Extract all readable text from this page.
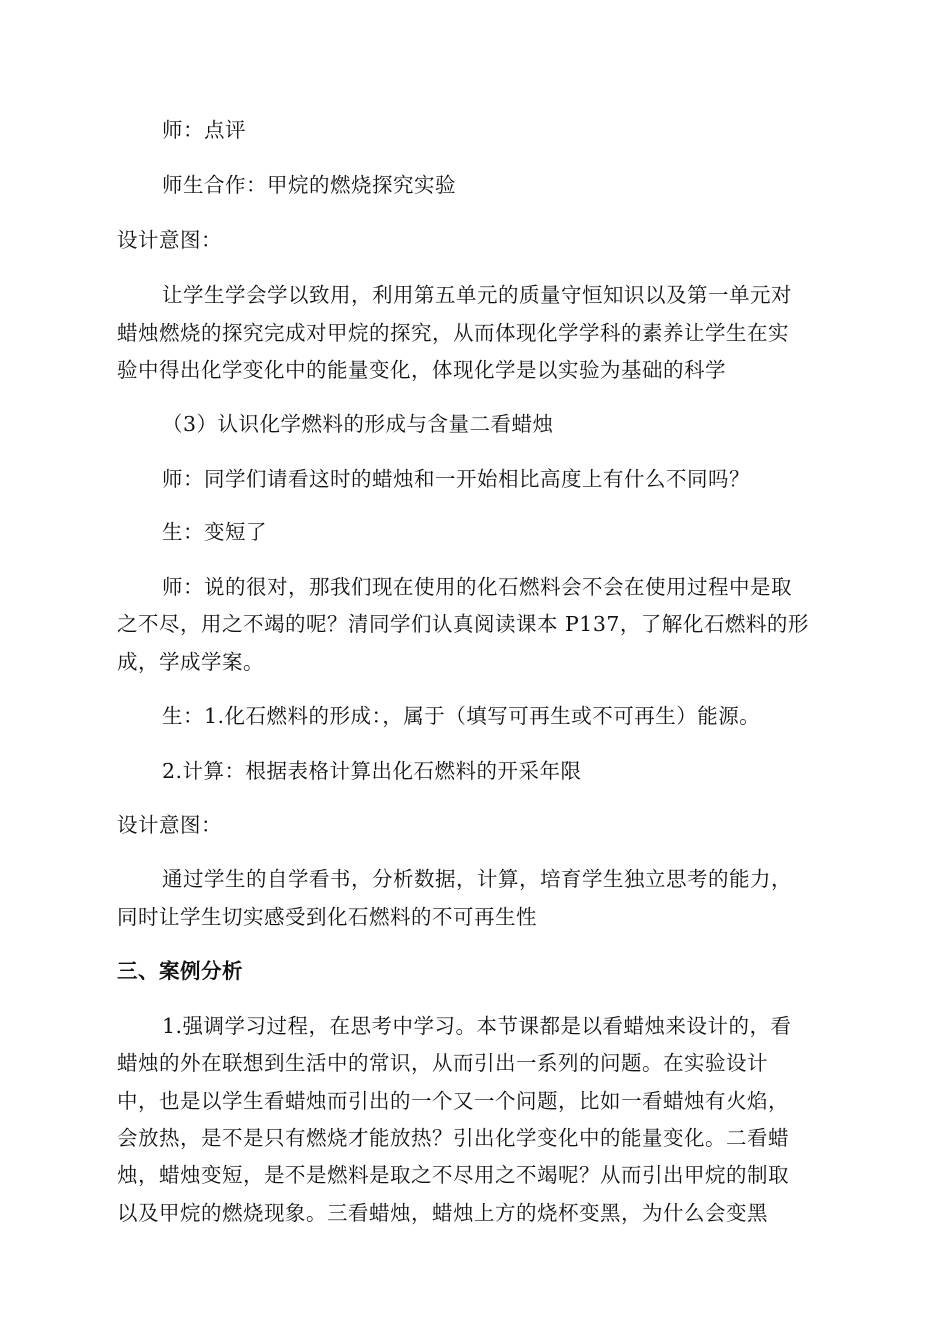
师：点评
师生合作：甲烷的燃烧探究实验
设计意图：
让学生学会学以致用，利用第五单元的质量守恒知识以及第一单元对
蜡烛燃烧的探究完成对甲烷的探究，从而体现化学学科的素养让学生在实
验中得出化学变化中的能量变化，体现化学是以实验为基础的科学
（3）认识化学燃料的形成与含量二看蜡烛
师：同学们请看这时的蜡烛和一开始相比高度上有什么不同吗？
生：变短了
师：说的很对，那我们现在使用的化石燃料会不会在使用过程中是取
之不尽，用之不竭的呢？清同学们认真阅读课本 P137，了解化石燃料的形
成，学成学案。
生：1.化石燃料的形成：，属于（填写可再生或不可再生）能源。
2.计算：根据表格计算出化石燃料的开采年限
设计意图：
通过学生的自学看书，分析数据，计算，培育学生独立思考的能力，
同时让学生切实感受到化石燃料的不可再生性
三、案例分析
1.强调学习过程，在思考中学习。本节课都是以看蜡烛来设计的，看
蜡烛的外在联想到生活中的常识，从而引出一系列的问题。在实验设计
中，也是以学生看蜡烛而引出的一个又一个问题，比如一看蜡烛有火焰，
会放热，是不是只有燃烧才能放热？引出化学变化中的能量变化。二看蜡
烛，蜡烛变短，是不是燃料是取之不尽用之不竭呢？从而引出甲烷的制取
以及甲烷的燃烧现象。三看蜡烛，蜡烛上方的烧杯变黑，为什么会变黑
